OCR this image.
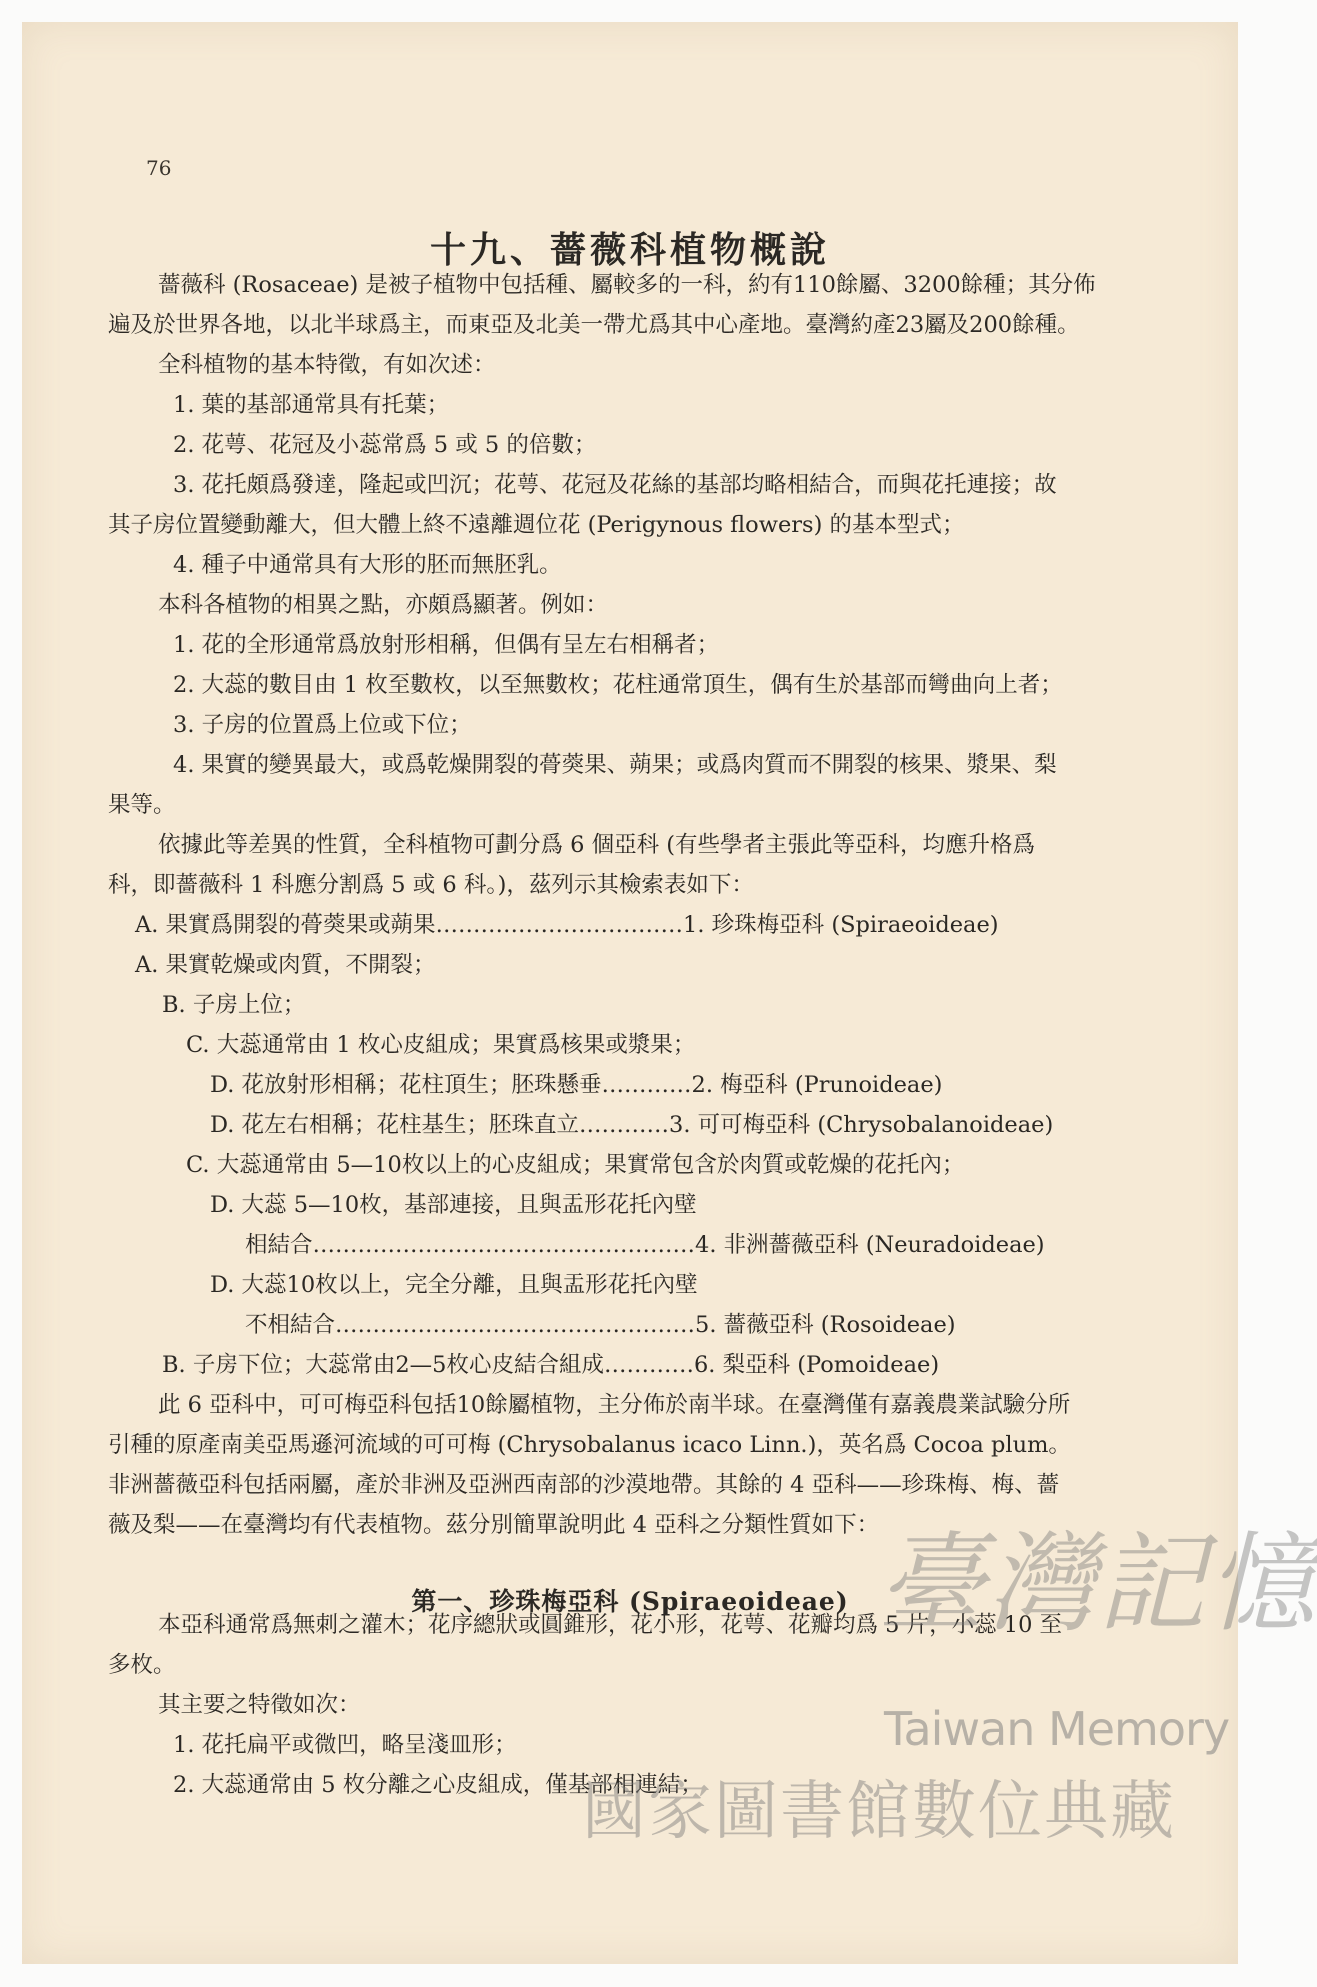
76
十九、薔薇科植物概說
薔薇科 (Rosaceae) 是被子植物中包括種、屬較多的一科，約有110餘屬、3200餘種；其分佈
遍及於世界各地，以北半球爲主，而東亞及北美一帶尤爲其中心產地。臺灣約產23屬及200餘種。
全科植物的基本特徵，有如次述：
1. 葉的基部通常具有托葉；
2. 花萼、花冠及小蕊常爲 5 或 5 的倍數；
3. 花托頗爲發達，隆起或凹沉；花萼、花冠及花絲的基部均略相結合，而與花托連接；故
其子房位置變動離大，但大體上終不遠離週位花 (Perigynous flowers) 的基本型式；
4. 種子中通常具有大形的胚而無胚乳。
本科各植物的相異之點，亦頗爲顯著。例如：
1. 花的全形通常爲放射形相稱，但偶有呈左右相稱者；
2. 大蕊的數目由 1 枚至數枚，以至無數枚；花柱通常頂生，偶有生於基部而彎曲向上者；
3. 子房的位置爲上位或下位；
4. 果實的變異最大，或爲乾燥開裂的蓇葖果、蒴果；或爲肉質而不開裂的核果、漿果、梨
果等。
依據此等差異的性質，全科植物可劃分爲 6 個亞科 (有些學者主張此等亞科，均應升格爲
科，即薔薇科 1 科應分割爲 5 或 6 科。)，茲列示其檢索表如下：
A. 果實爲開裂的蓇葖果或蒴果……………………………1. 珍珠梅亞科 (Spiraeoideae)
A. 果實乾燥或肉質，不開裂；
B. 子房上位；
C. 大蕊通常由 1 枚心皮組成；果實爲核果或漿果；
D. 花放射形相稱；花柱頂生；胚珠懸垂…………2. 梅亞科 (Prunoideae)
D. 花左右相稱；花柱基生；胚珠直立…………3. 可可梅亞科 (Chrysobalanoideae)
C. 大蕊通常由 5—10枚以上的心皮組成；果實常包含於肉質或乾燥的花托內；
D. 大蕊 5—10枚，基部連接，且與盂形花托內壁
相結合……………………………………………4. 非洲薔薇亞科 (Neuradoideae)
D. 大蕊10枚以上，完全分離，且與盂形花托內壁
不相結合…………………………………………5. 薔薇亞科 (Rosoideae)
B. 子房下位；大蕊常由2—5枚心皮結合組成…………6. 梨亞科 (Pomoideae)
此 6 亞科中，可可梅亞科包括10餘屬植物，主分佈於南半球。在臺灣僅有嘉義農業試驗分所
引種的原產南美亞馬遜河流域的可可梅 (Chrysobalanus icaco Linn.)，英名爲 Cocoa plum。
非洲薔薇亞科包括兩屬，產於非洲及亞洲西南部的沙漠地帶。其餘的 4 亞科——珍珠梅、梅、薔
薇及梨——在臺灣均有代表植物。茲分別簡單說明此 4 亞科之分類性質如下：
本亞科通常爲無刺之灌木；花序總狀或圓錐形，花小形，花萼、花瓣均爲 5 片，小蕊 10 至
多枚。
其主要之特徵如次：
1. 花托扁平或微凹，略呈淺皿形；
2. 大蕊通常由 5 枚分離之心皮組成，僅基部相連結；
第一、珍珠梅亞科 (Spiraeoideae) 臺灣記憶
Taiwan Memory
國家圖書館數位典藏
